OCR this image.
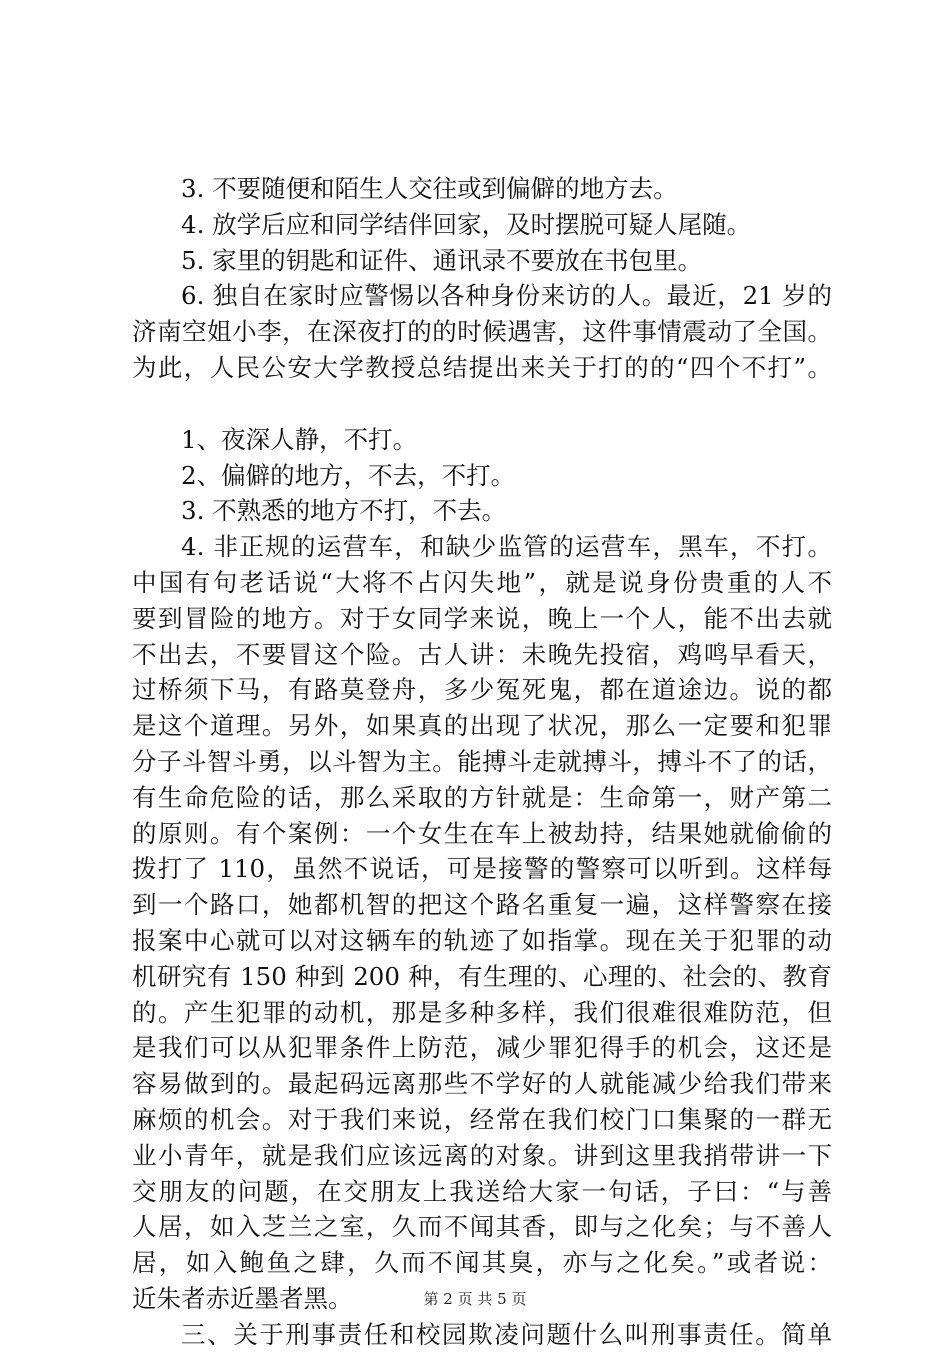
3. 不要随便和陌生人交往或到偏僻的地方去。
4. 放学后应和同学结伴回家，及时摆脱可疑人尾随。
5. 家里的钥匙和证件、通讯录不要放在书包里。
6. 独自在家时应警惕以各种身份来访的人。最近，21 岁的
济南空姐小李，在深夜打的的时候遇害，这件事情震动了全国。
为此，人民公安大学教授总结提出来关于打的的“四个不打”。
1、夜深人静，不打。
2、偏僻的地方，不去，不打。
3. 不熟悉的地方不打，不去。
4. 非正规的运营车，和缺少监管的运营车，黑车，不打。
中国有句老话说“大将不占闪失地”，就是说身份贵重的人不
要到冒险的地方。对于女同学来说，晚上一个人，能不出去就
不出去，不要冒这个险。古人讲：未晚先投宿，鸡鸣早看天，
过桥须下马，有路莫登舟，多少冤死鬼，都在道途边。说的都
是这个道理。另外，如果真的出现了状况，那么一定要和犯罪
分子斗智斗勇，以斗智为主。能搏斗走就搏斗，搏斗不了的话，
有生命危险的话，那么采取的方针就是：生命第一，财产第二
的原则。有个案例：一个女生在车上被劫持，结果她就偷偷的
拨打了 110，虽然不说话，可是接警的警察可以听到。这样每
到一个路口，她都机智的把这个路名重复一遍，这样警察在接
报案中心就可以对这辆车的轨迹了如指掌。现在关于犯罪的动
机研究有 150 种到 200 种，有生理的、心理的、社会的、教育
的。产生犯罪的动机，那是多种多样，我们很难很难防范，但
是我们可以从犯罪条件上防范，减少罪犯得手的机会，这还是
容易做到的。最起码远离那些不学好的人就能减少给我们带来
麻烦的机会。对于我们来说，经常在我们校门口集聚的一群无
业小青年，就是我们应该远离的对象。讲到这里我捎带讲一下
交朋友的问题，在交朋友上我送给大家一句话，子曰：“与善
人居，如入芝兰之室，久而不闻其香，即与之化矣；与不善人
居，如入鲍鱼之肆，久而不闻其臭，亦与之化矣。”或者说：
近朱者赤近墨者黑。
三、关于刑事责任和校园欺凌问题什么叫刑事责任。简单
第 2 页 共 5 页
